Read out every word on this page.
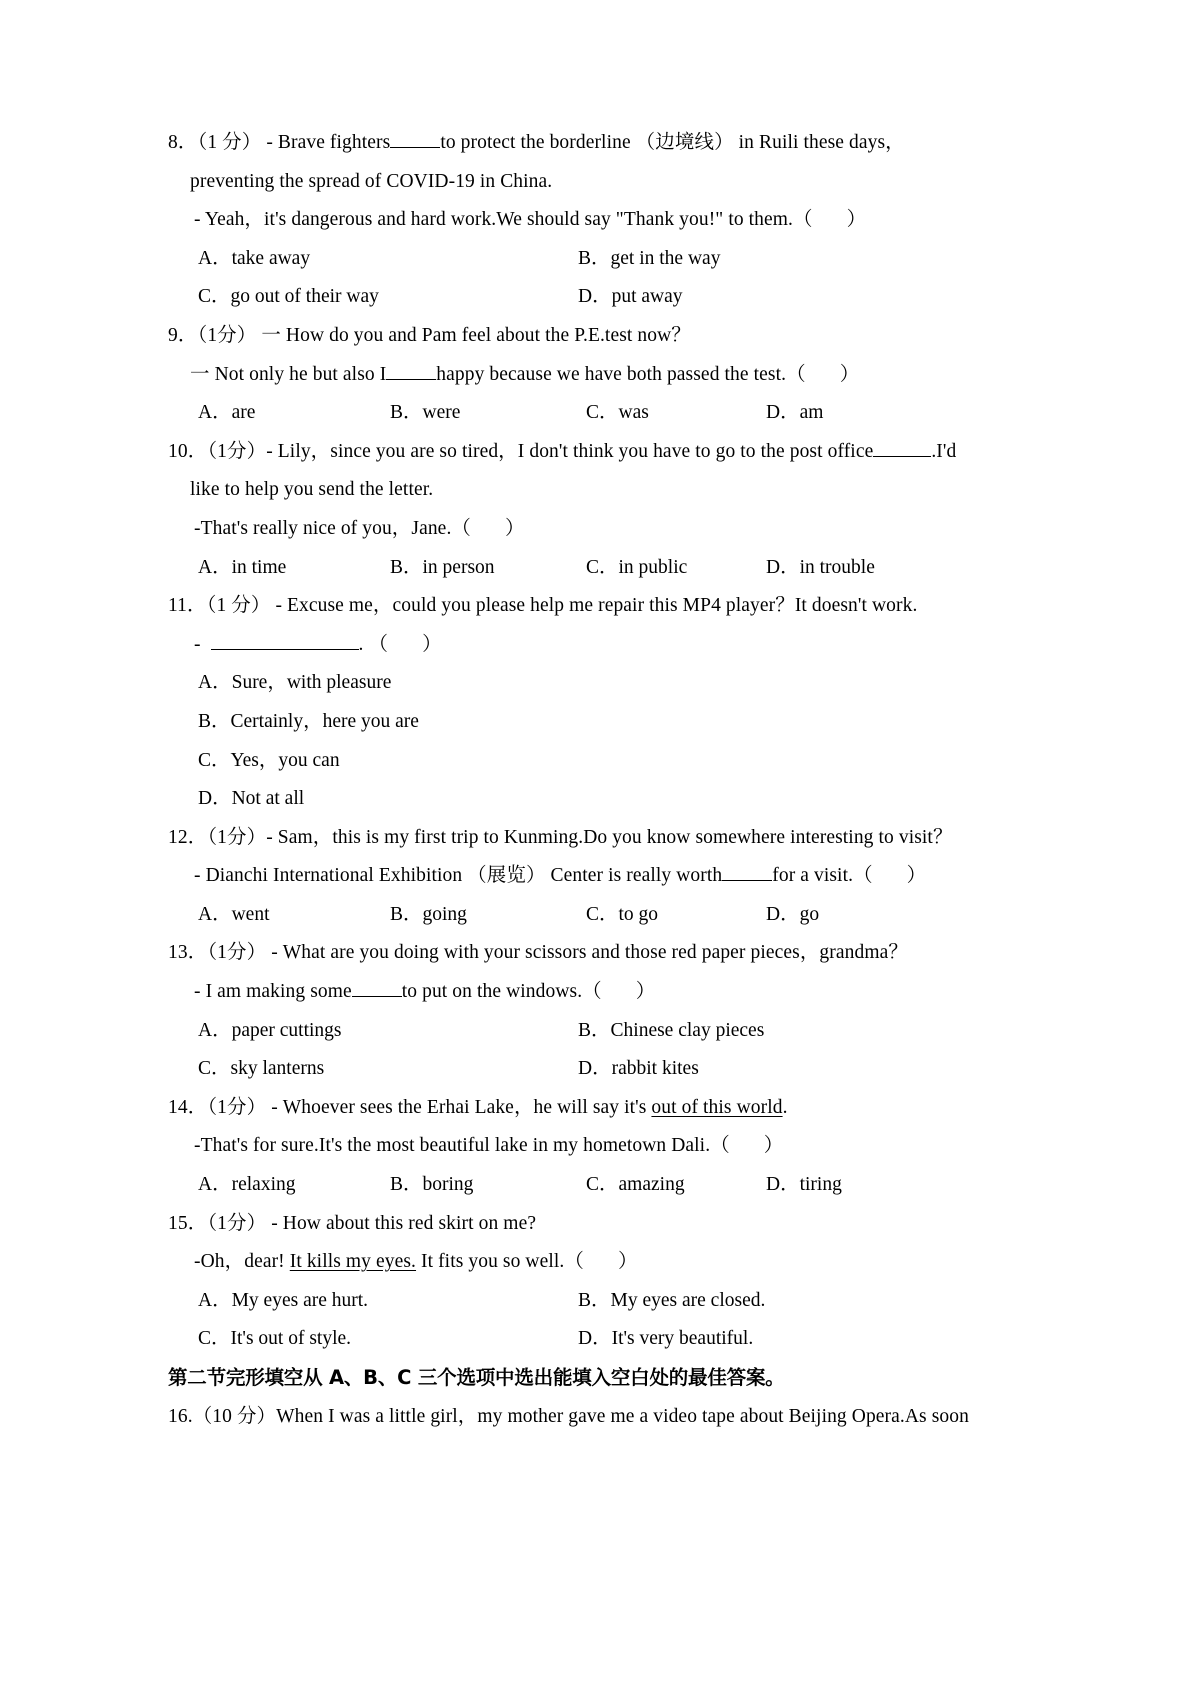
8．（1 分） ‐ Brave fighters	to protect the borderline （边境线） in Ruili these days，
preventing the spread of COVID‐19 in China.
‐ Yeah，it's dangerous and hard work.We should say "Thank you!" to them.（ ）
A．take away	B．get in the way
C．go out of their way	D．put away
9．（1分） 一 How do you and Pam feel about the P.E.test now？
一 Not only he but also I	happy because we have both passed the test.（ ）
A．are	B．were	C．was	D．am
10．（1分）‐ Lily，since you are so tired，I don't think you have to go to the post office	.I'd
like to help you send the letter.
‐That's really nice of you，Jane.（ ）
A．in time	B．in person	C．in public	D．in trouble
11．（1 分） ‐ Excuse me，could you please help me repair this MP4 player？It doesn't work.
‐	. （ ）
A．Sure，with pleasure
B．Certainly，here you are
C．Yes，you can
D．Not at all
12．（1分）‐ Sam，this is my first trip to Kunming.Do you know somewhere interesting to visit？
‐ Dianchi International Exhibition （展览） Center is really worth	for a visit.（ ）
A．went	B．going	C．to go	D．go
13．（1分） ‐ What are you doing with your scissors and those red paper pieces，grandma？
‐ I am making some	to put on the windows.（ ）
A．paper cuttings	B．Chinese clay pieces
C．sky lanterns	D．rabbit kites
14．（1分） ‐ Whoever sees the Erhai Lake，he will say it's out of this world.
‐That's for sure.It's the most beautiful lake in my hometown Dali.（ ）
A．relaxing	B．boring	C．amazing	D．tiring
15．（1分） ‐ How about this red skirt on me?
‐Oh，dear! It kills my eyes. It fits you so well.（ ）
A．My eyes are hurt.	B．My eyes are closed.
C．It's out of style.	D．It's very beautiful.
第二节完形填空从 A、B、C 三个选项中选出能填入空白处的最佳答案。
16.（10 分）When I was a little girl，my mother gave me a video tape about Beijing Opera.As soon
